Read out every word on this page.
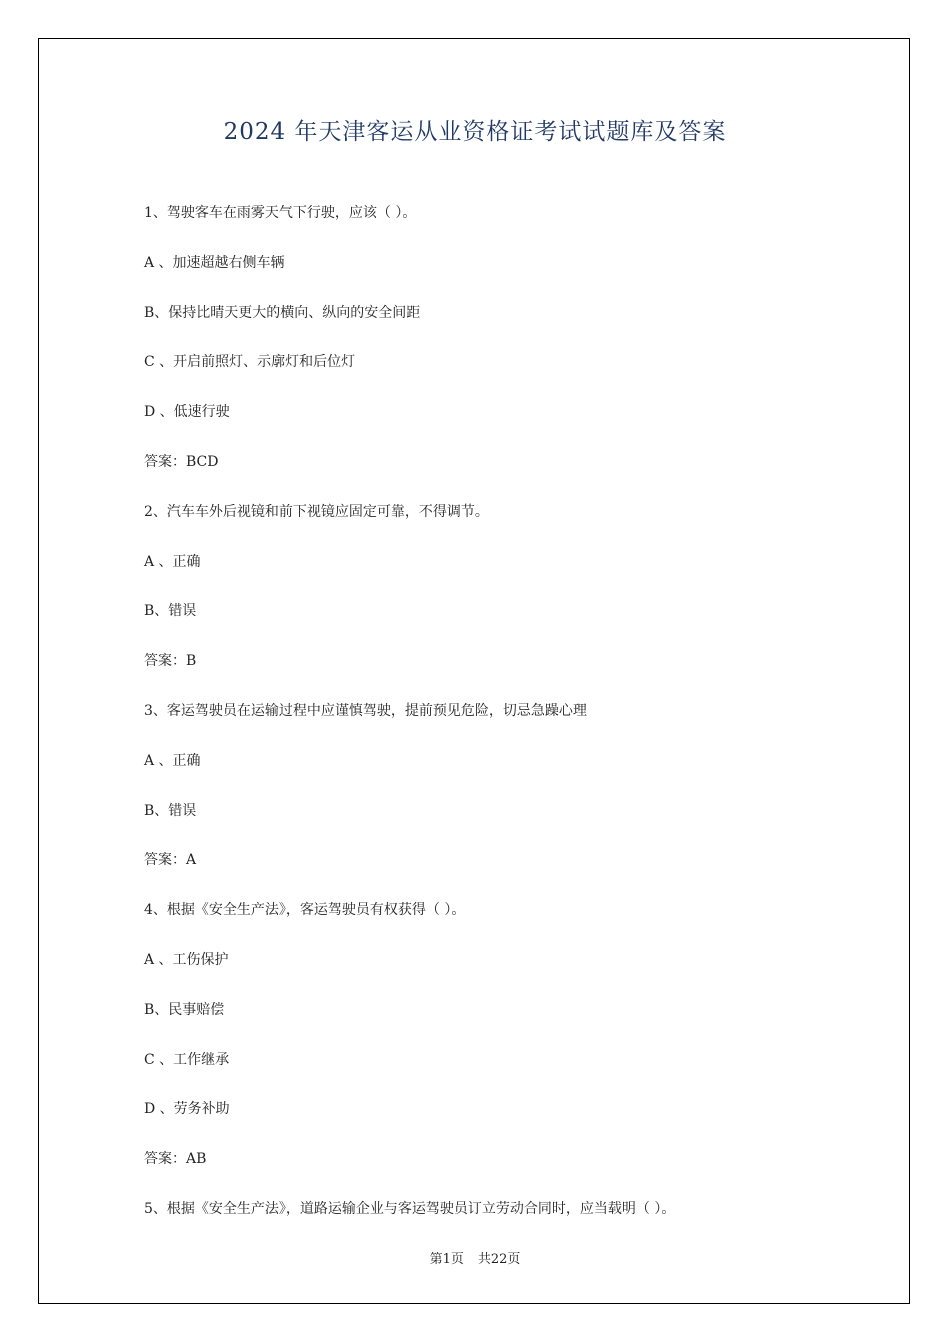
2024 年天津客运从业资格证考试试题库及答案
1、驾驶客车在雨雾天气下行驶，应该（ ）。
A 、加速超越右侧车辆
B、保持比晴天更大的横向、纵向的安全间距
C 、开启前照灯、示廓灯和后位灯
D 、低速行驶
答案：BCD
2、汽车车外后视镜和前下视镜应固定可靠，不得调节。
A 、正确
B、错误
答案：B
3、客运驾驶员在运输过程中应谨慎驾驶，提前预见危险，切忌急躁心理
A 、正确
B、错误
答案：A
4、根据《安全生产法》，客运驾驶员有权获得（ ）。
A 、工伤保护
B、民事赔偿
C 、工作继承
D 、劳务补助
答案：AB
5、根据《安全生产法》，道路运输企业与客运驾驶员订立劳动合同时，应当载明（ ）。
第1页 共22页
